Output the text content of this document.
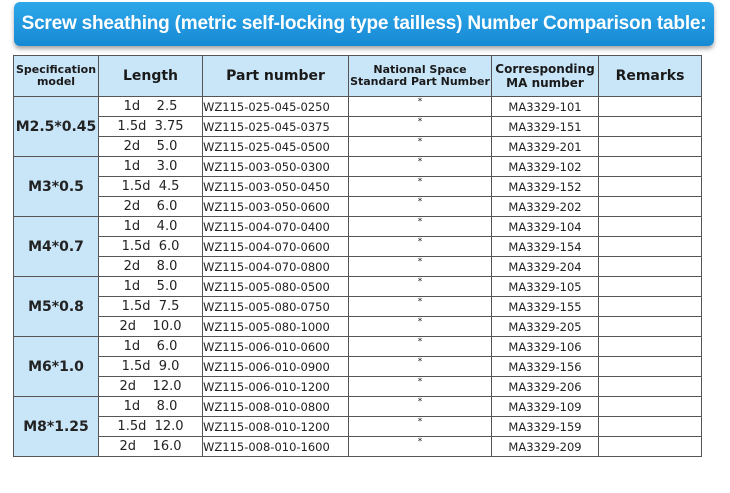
Screw sheathing (metric self-locking type tailless) Number Comparison table:
Specification model	Length	Part number	National Space Standard Part Number	Corresponding MA number	Remarks
M2.5*0.45	1d    2.5	WZ115-025-045-0250	*	MA3329-101	
	1.5d  3.75	WZ115-025-045-0375	*	MA3329-151	
	2d    5.0	WZ115-025-045-0500	*	MA3329-201	
M3*0.5	1d    3.0	WZ115-003-050-0300	*	MA3329-102	
	1.5d  4.5	WZ115-003-050-0450	*	MA3329-152	
	2d    6.0	WZ115-003-050-0600	*	MA3329-202	
M4*0.7	1d    4.0	WZ115-004-070-0400	*	MA3329-104	
	1.5d  6.0	WZ115-004-070-0600	*	MA3329-154	
	2d    8.0	WZ115-004-070-0800	*	MA3329-204	
M5*0.8	1d    5.0	WZ115-005-080-0500	*	MA3329-105	
	1.5d  7.5	WZ115-005-080-0750	*	MA3329-155	
	2d    10.0	WZ115-005-080-1000	*	MA3329-205	
M6*1.0	1d    6.0	WZ115-006-010-0600	*	MA3329-106	
	1.5d  9.0	WZ115-006-010-0900	*	MA3329-156	
	2d    12.0	WZ115-006-010-1200	*	MA3329-206	
M8*1.25	1d    8.0	WZ115-008-010-0800	*	MA3329-109	
	1.5d  12.0	WZ115-008-010-1200	*	MA3329-159	
	2d    16.0	WZ115-008-010-1600	*	MA3329-209	
